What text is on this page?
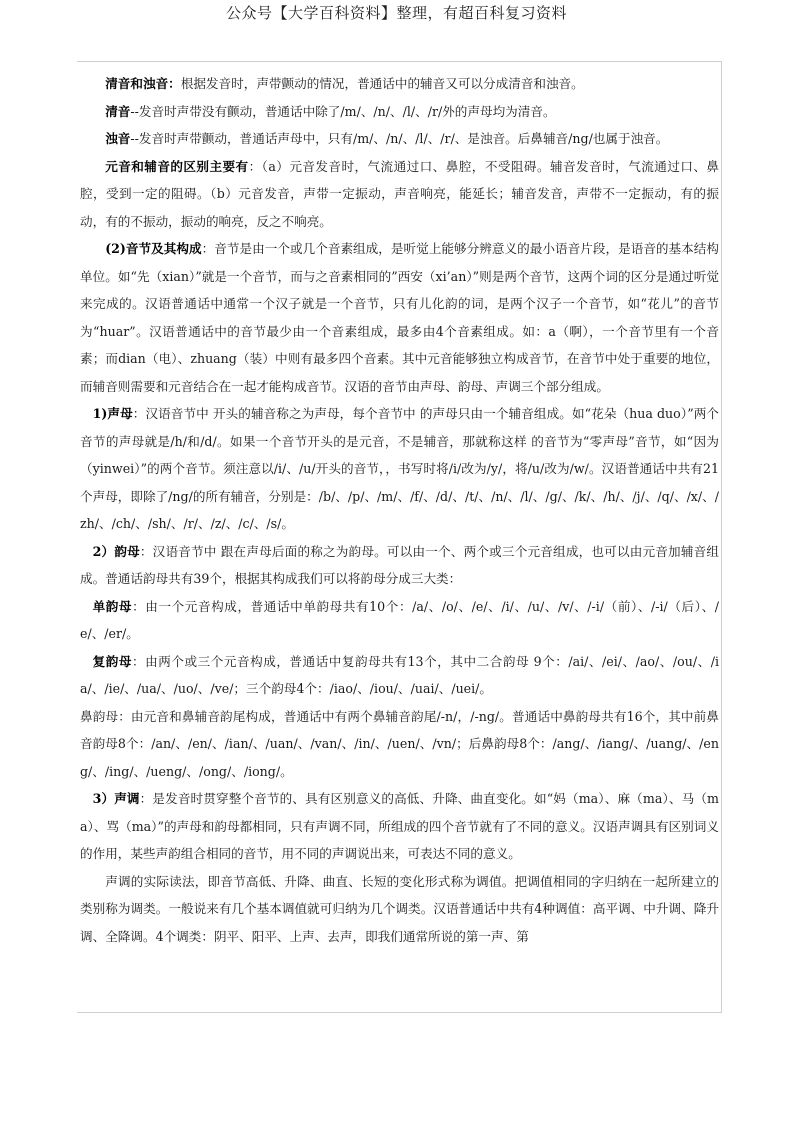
公众号【大学百科资料】整理，有超百科复习资料

清音和浊音：根据发音时，声带颤动的情况，普通话中的辅音又可以分成清音和浊音。

清音--发音时声带没有颤动，普通话中除了/m/、/n/、/l/、/r/外的声母均为清音。

浊音--发音时声带颤动，普通话声母中，只有/m/、/n/、/l/、/r/、是浊音。后鼻辅音/ng/也属于浊音。

元音和辅音的区别主要有：（a）元音发音时，气流通过口、鼻腔，不受阻碍。辅音发音时，气流通过口、鼻腔，受到一定的阻碍。（b）元音发音，声带一定振动，声音响亮，能延长；辅音发音，声带不一定振动，有的振动，有的不振动，振动的响亮，反之不响亮。

(2)音节及其构成：音节是由一个或几个音素组成，是听觉上能够分辨意义的最小语音片段，是语音的基本结构单位。如“先（xian）”就是一个音节，而与之音素相同的”西安（xi’an）”则是两个音节，这两个词的区分是通过听觉来完成的。汉语普通话中通常一个汉子就是一个音节，只有儿化韵的词，是两个汉子一个音节，如“花儿”的音节为“huar”。汉语普通话中的音节最少由一个音素组成，最多由4个音素组成。如：a（啊），一个音节里有一个音素；而dian（电）、zhuang（装）中则有最多四个音素。其中元音能够独立构成音节，在音节中处于重要的地位，而辅音则需要和元音结合在一起才能构成音节。汉语的音节由声母、韵母、声调三个部分组成。

1)声母：汉语音节中 开头的辅音称之为声母，每个音节中 的声母只由一个辅音组成。如“花朵（hua duo）”两个音节的声母就是/h/和/d/。如果一个音节开头的是元音，不是辅音，那就称这样 的音节为“零声母”音节，如“因为（yinwei）”的两个音节。须注意以/i/、/u/开头的音节，，书写时将/i/改为/y/，将/u/改为/w/。汉语普通话中共有21个声母，即除了/ng/的所有辅音，分别是：/b/、/p/、/m/、/f/、/d/、/t/、/n/、/l/、/g/、/k/、/h/、/j/、/q/、/x/、/zh/、/ch/、/sh/、/r/、/z/、/c/、/s/。

2）韵母：汉语音节中 跟在声母后面的称之为韵母。可以由一个、两个或三个元音组成，也可以由元音加辅音组成。普通话韵母共有39个，根据其构成我们可以将韵母分成三大类：

单韵母：由一个元音构成，普通话中单韵母共有10个：/a/、/o/、/e/、/i/、/u/、/v/、/-i/（前）、/-i/（后）、/e/、/er/。

复韵母：由两个或三个元音构成，普通话中复韵母共有13个，其中二合韵母 9个：/ai/、/ei/、/ao/、/ou/、/ia/、/ie/、/ua/、/uo/、/ve/；三个韵母4个：/iao/、/iou/、/uai/、/uei/。

鼻韵母：由元音和鼻辅音韵尾构成，普通话中有两个鼻辅音韵尾/-n/，/-ng/。普通话中鼻韵母共有16个，其中前鼻音韵母8个：/an/、/en/、/ian/、/uan/、/van/、/in/、/uen/、/vn/；后鼻韵母8个：/ang/、/iang/、/uang/、/eng/、/ing/、/ueng/、/ong/、/iong/。

3）声调：是发音时贯穿整个音节的、具有区别意义的高低、升降、曲直变化。如“妈（ma）、麻（ma）、马（ma）、骂（ma）”的声母和韵母都相同，只有声调不同，所组成的四个音节就有了不同的意义。汉语声调具有区别词义的作用，某些声韵组合相同的音节，用不同的声调说出来，可表达不同的意义。

声调的实际读法，即音节高低、升降、曲直、长短的变化形式称为调值。把调值相同的字归纳在一起所建立的类别称为调类。一般说来有几个基本调值就可归纳为几个调类。汉语普通话中共有4种调值：高平调、中升调、降升调、全降调。4个调类：阴平、阳平、上声、去声，即我们通常所说的第一声、第
